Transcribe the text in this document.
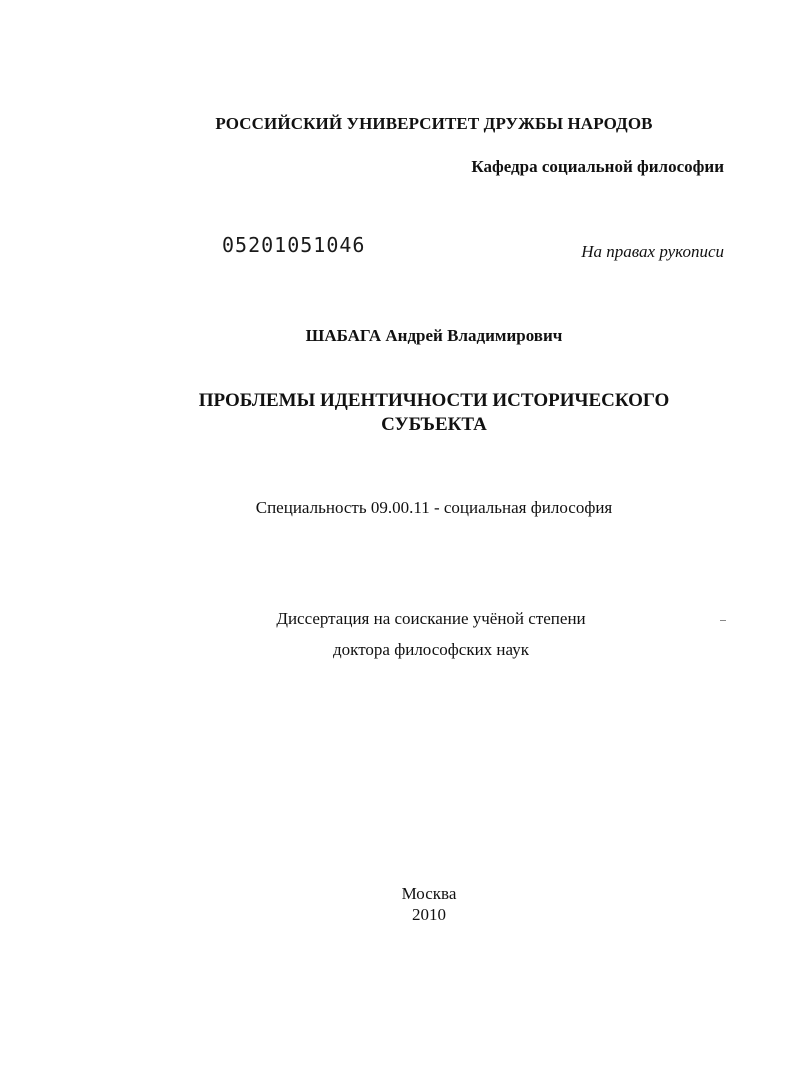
РОССИЙСКИЙ УНИВЕРСИТЕТ ДРУЖБЫ НАРОДОВ
Кафедра социальной философии
05201051046	На правах рукописи
ШАБАГА Андрей Владимирович
ПРОБЛЕМЫ ИДЕНТИЧНОСТИ ИСТОРИЧЕСКОГО
СУБЪЕКТА
Специальность 09.00.11 - социальная философия
Диссертация на соискание учёной степени
доктора философских наук
Москва
2010
